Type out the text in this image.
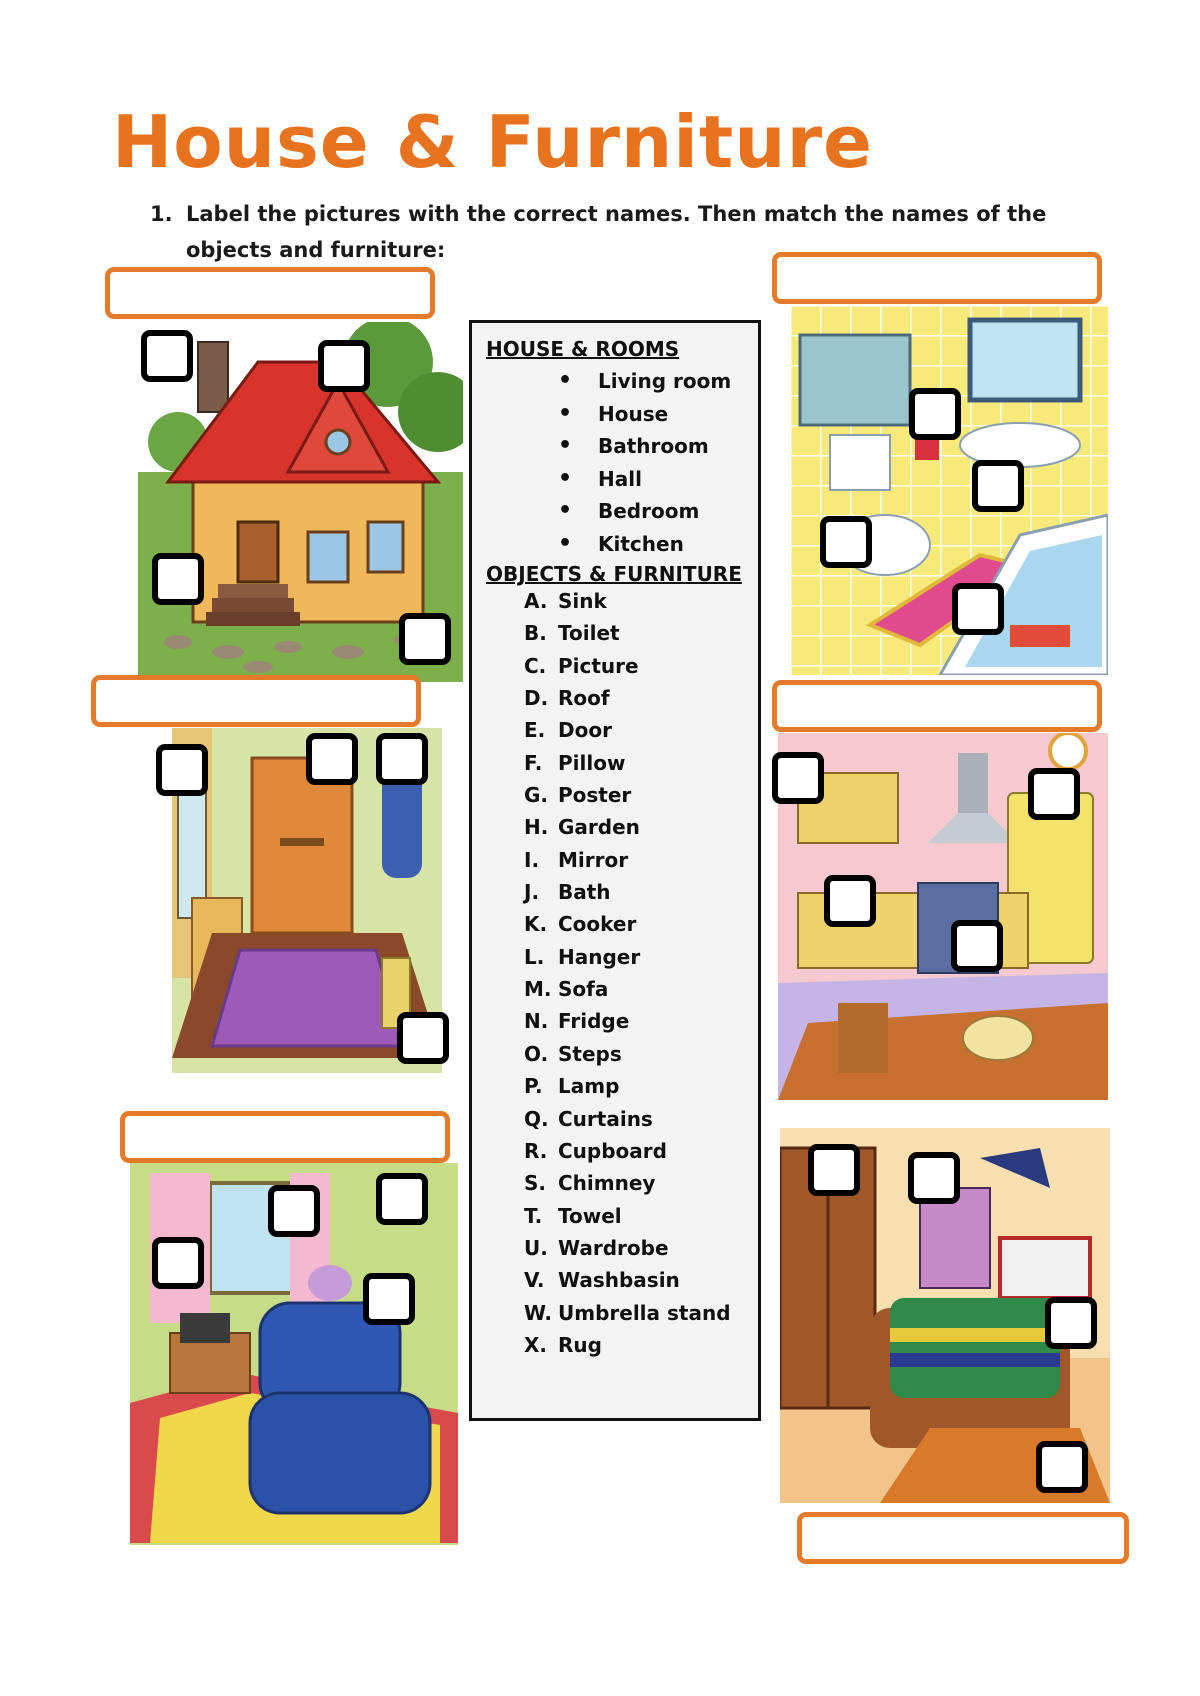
House & Furniture
1. Label the pictures with the correct names. Then match the names of the objects and furniture:
HOUSE & ROOMS
• Living room
• House
• Bathroom
• Hall
• Bedroom
• Kitchen
OBJECTS & FURNITURE
A. Sink
B. Toilet
C. Picture
D. Roof
E. Door
F. Pillow
G. Poster
H. Garden
I. Mirror
J. Bath
K. Cooker
L. Hanger
M. Sofa
N. Fridge
O. Steps
P. Lamp
Q. Curtains
R. Cupboard
S. Chimney
T. Towel
U. Wardrobe
V. Washbasin
W. Umbrella stand
X. Rug
